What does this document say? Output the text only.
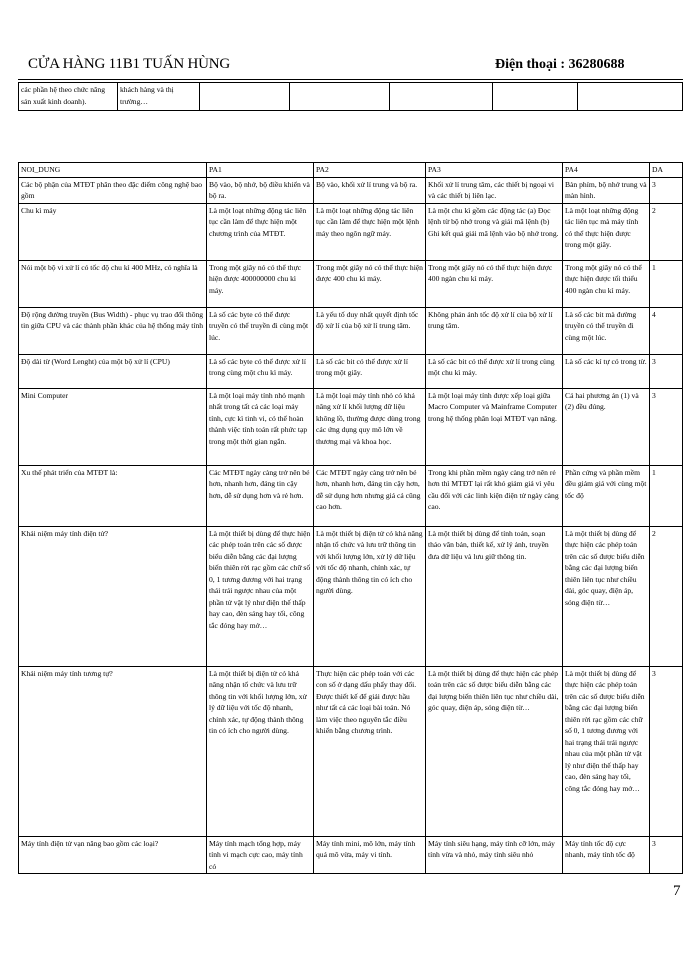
CỬA HÀNG 11B1 TUẤN HÙNG	Điện thoại : 36280688
các phần hệ theo chức năng sản xuất kinh doanh).	khách hàng và thị trường…					
NOI_DUNG	PA1	PA2	PA3	PA4	DA
Các bộ phận của MTĐT phân theo đặc điểm công nghệ bao gồm	Bộ vào, bộ nhớ, bộ điều khiển và bộ ra.	Bộ vào, khối xử lí trung và bộ ra.	Khối xử lí trung tâm, các thiết bị ngoại vi và các thiết bị liên lạc.	Bàn phím, bộ nhớ trung và màn hình.	3
Chu kì máy	Là một loạt những động tác liên tục cần làm để thực hiện một chương trình của MTĐT.	Là một loạt những động tác liên tục cần làm để thực hiện một lệnh máy theo ngôn ngữ máy.	Là một chu kì gồm các động tác (a) Đọc lệnh từ bộ nhớ trong và giải mã lệnh (b) Ghi kết quả giải mã lệnh vào bộ nhớ trong.	Là một loạt những động tác liên tục mà máy tính có thể thực hiện được trong một giây.	2
Nói một bộ vi xử lí có tốc độ chu kì 400 MHz, có nghĩa là	Trong một giây nó có thể thực hiện được 400000000 chu kì máy.	Trong một giây nó có thể thực hiện được 400 chu kì máy.	Trong một giây nó có thể thực hiện được 400 ngàn chu kì máy.	Trong một giây nó có thể thực hiện được tối thiểu 400 ngàn chu kì máy.	1
Độ rộng đường truyền (Bus Width) - phục vụ trao đổi thông tin giữa CPU và các thành phần khác của hệ thống máy tính	Là số các byte có thể được truyền có thể truyền đi cùng một lúc.	Là yếu tố duy nhất quyết định tốc độ xử lí của bộ xử lí trung tâm.	Không phản ánh tốc độ xử lí của bộ xử lí trung tâm.	Là số các bit mà đường truyền có thể truyền đi cùng một lúc.	4
Độ dài từ (Word Lenght) của một bộ xử lí (CPU)	Là số các byte có thể được xử lí trong cùng một chu kì máy.	Là số các bit có thể được xử lí trong một giây.	Là số các bit có thể được xử lí trong cùng một chu kì máy.	Là số các kí tự có trong từ.	3
Mini Computer	Là một loại máy tính nhỏ mạnh nhất trong tất cả các loại máy tính, cực kì tinh vi, có thể hoàn thành việc tính toán rất phức tạp trong một thời gian ngắn.	Là một loại máy tính nhỏ có khả năng xử lí khối lượng dữ liệu không lồ, thường được dùng trong các ứng dụng quy mô lớn về thương mại và khoa học.	Là một loại máy tính được xếp loại giữa Macro Computer và Mainframe Computer trong hệ thống phân loại MTĐT vạn năng.	Cả hai phương án (1) và (2) đều đúng.	3
Xu thế phát triển của MTĐT là:	Các MTĐT ngày càng trở nên bé hơn, nhanh hơn, đáng tin cậy hơn, dễ sử dụng hơn và rẻ hơn.	Các MTĐT ngày càng trở nên bé hơn, nhanh hơn, đáng tin cậy hơn, dễ sử dụng hơn nhưng giá cả cũng cao hơn.	Trong khi phần mềm ngày càng trở nên rẻ hơn thì MTĐT lại rất khó giảm giá vì yêu cầu đổi với các linh kiện điện tử ngày càng cao.	Phần cứng và phần mềm đều giảm giá với cùng một tốc độ	1
Khái niệm máy tính điện tử?	Là một thiết bị dùng để thực hiện các phép toán trên các số được biểu diễn bằng các đại lượng biến thiên rời rạc gồm các chữ số 0, 1 tương đương với hai trạng thái trái ngược nhau của một phần tử vật lý như điện thế thấp hay cao, đèn sáng hay tối, công tắc đóng hay mở…	Là một thiết bị điện tử có khả năng nhận tổ chức và lưu trữ thông tin với khối lượng lớn, xử lý dữ liệu với tốc độ nhanh, chính xác, tự động thành thông tin có ích cho người dùng.	Là một thiết bị dùng để tính toán, soạn thảo văn bản, thiết kế, xử lý ảnh, truyền đưa dữ liệu và lưu giữ thông tin.	Là một thiết bị dùng để thực hiện các phép toán trên các số được biểu diễn bằng các đại lượng biến thiên liên tục như chiều dài, góc quay, điện áp, sóng điện từ…	2
Khái niệm máy tính tương tự?	Là một thiết bị điện tử có khả năng nhận tổ chức và lưu trữ thông tin với khối lượng lớn, xử lý dữ liệu với tốc độ nhanh, chính xác, tự động thành thông tin có ích cho người dùng.	Thực hiện các phép toán với các con số ở dạng dấu phẩy thay đổi. Được thiết kế để giải được hầu như tất cả các loại bài toán. Nó làm việc theo nguyên tắc điều khiển bằng chương trình.	Là một thiết bị dùng để thực hiện các phép toán trên các số được biểu diễn bằng các đại lượng biến thiên liên tục như chiều dài, góc quay, điện áp, sóng điện từ…	Là một thiết bị dùng để thực hiện các phép toán trên các số được biểu diễn bằng các đại lượng biến thiên rời rạc gồm các chữ số 0, 1 tương đương với hai trạng thái trái ngược nhau của một phần tử vật lý như điện thế thấp hay cao, đèn sáng hay tối, công tắc đóng hay mở…	3
Máy tính điện tử vạn năng bao gồm các loại?	Máy tính mạch tổng hợp, máy tính vi mạch cực cao, máy tính có	Máy tính mini, mô lớn, máy tính quá mô vừa, máy vi tính.	Máy tính siêu hạng, máy tính cỡ lớn, máy tính vừa và nhỏ, máy tính siêu nhỏ	Máy tính tốc độ cực nhanh, máy tính tốc độ	3
7
